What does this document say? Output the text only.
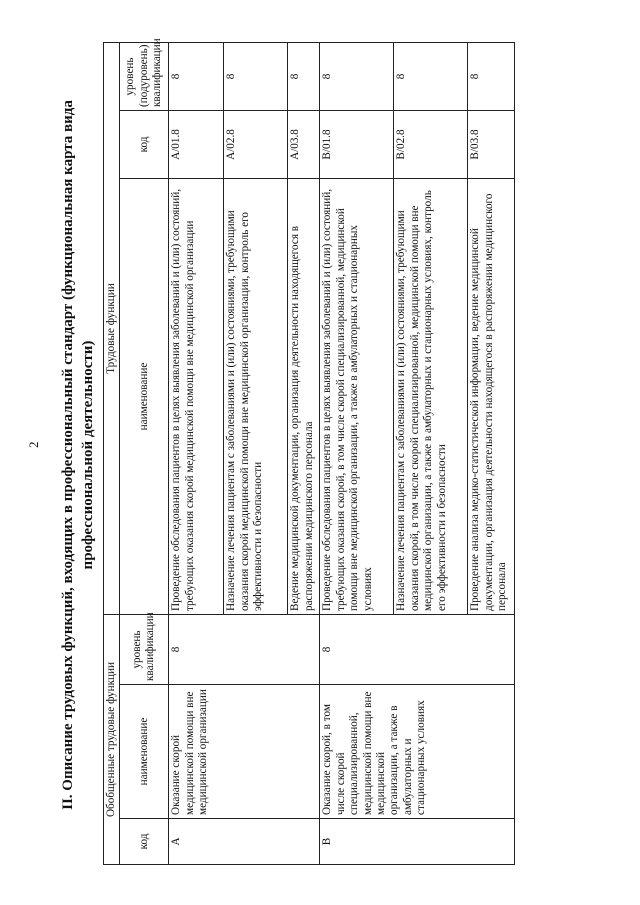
2 II. Описание трудовых функций, входящих в профессиональный стандарт (функциональная карта вида профессиональной деятельности)
Обобщенные трудовые функции			Трудовые функции		
код	наименование	уровень квалификации	наименование	код	уровень (подуровень) квалификации
A	Оказание скорой медицинской помощи вне медицинской организации	8	Проведение обследования пациентов в целях выявления заболеваний и (или) состояний, требующих оказания скорой медицинской помощи вне медицинской организации	A/01.8	8
			Назначение лечения пациентам с заболеваниями и (или) состояниями, требующими оказания скорой медицинской помощи вне медицинской организации, контроль его эффективности и безопасности	A/02.8	8
			Ведение медицинской документации, организация деятельности находящегося в распоряжении медицинского персонала	A/03.8	8
B	Оказание скорой, в том числе скорой специализированной, медицинской помощи вне медицинской организации, а также в амбулаторных и стационарных условиях	8	Проведение обследования пациентов в целях выявления заболеваний и (или) состояний, требующих оказания скорой, в том числе скорой специализированной, медицинской помощи вне медицинской организации, а также в амбулаторных и стационарных условиях	B/01.8	8
			Назначение лечения пациентам с заболеваниями и (или) состояниями, требующими оказания скорой, в том числе скорой специализированной, медицинской помощи вне медицинской организации, а также в амбулаторных и стационарных условиях, контроль его эффективности и безопасности	B/02.8	8
			Проведение анализа медико-статистической информации, ведение медицинской документации, организация деятельности находящегося в распоряжении медицинского персонала	B/03.8	8
